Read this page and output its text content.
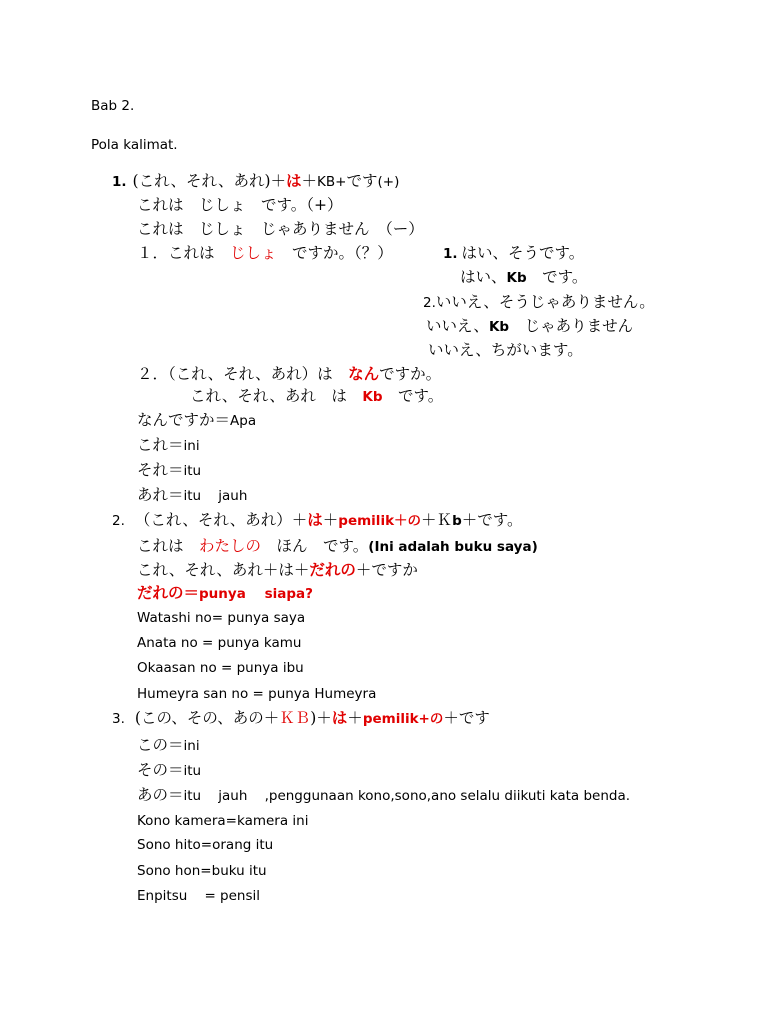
Bab 2.
Pola kalimat.
1. (これ、それ、あれ)＋は＋KB+です(+)
これは　じしょ　です。（+）
これは　じしょ　じゃありません　（ー）
１．これは　じしょ　ですか。（？）	1. はい、そうです。
はい、Kb　です。
2.いいえ、そうじゃありません。
いいえ、Kb　じゃありません
いいえ、ちがいます。
２．（これ、それ、あれ）は　なんですか。
これ、それ、あれ　は　Kb　です。
なんですか＝Apa
これ＝ini
それ＝itu
あれ＝itu    jauh
2. （これ、それ、あれ）＋は＋pemilik＋の＋Ｋb＋です。
これは　わたしの　ほん　です。(Ini adalah buku saya)
これ、それ、あれ＋は＋だれの＋ですか
だれの＝punya    siapa?
Watashi no= punya saya
Anata no = punya kamu
Okaasan no = punya ibu
Humeyra san no = punya Humeyra
3. (この、その、あの＋ＫＢ)＋は＋pemilik+の＋です
この＝ini
その＝itu
あの＝itu    jauh    ,penggunaan kono,sono,ano selalu diikuti kata benda.
Kono kamera=kamera ini
Sono hito=orang itu
Sono hon=buku itu
Enpitsu    = pensil
